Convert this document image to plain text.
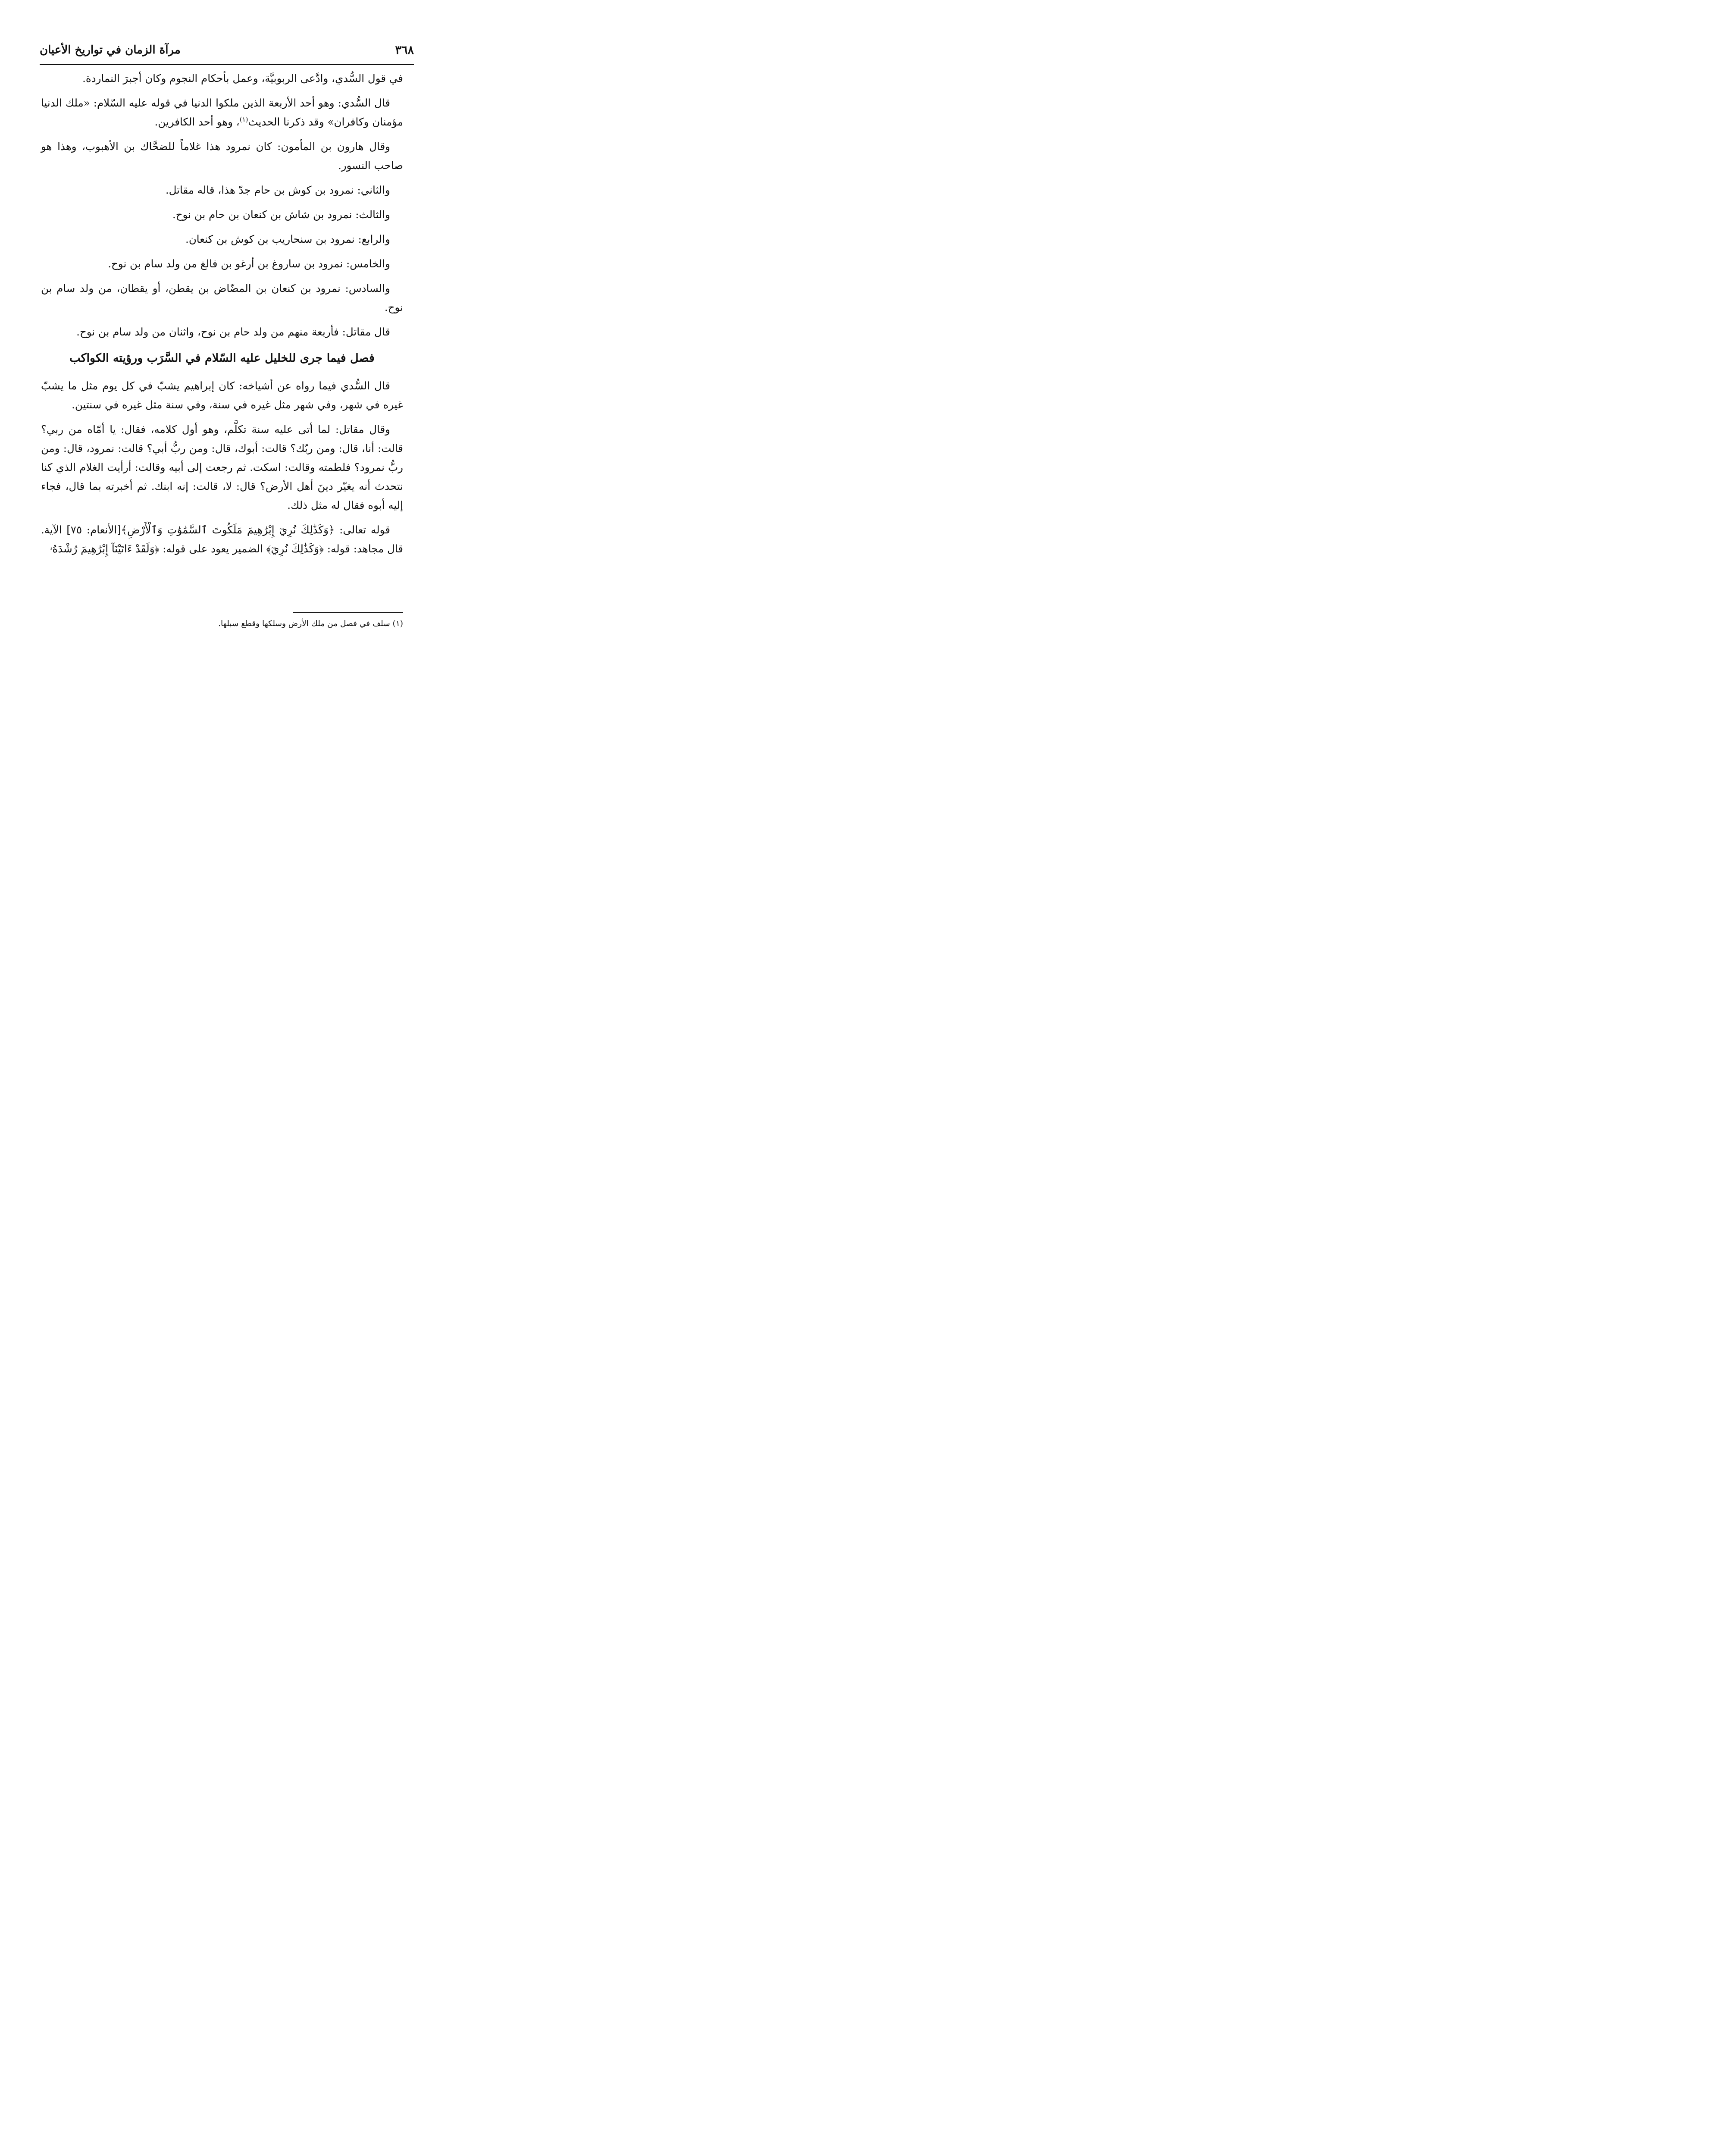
٣٦٨
مرآة الزمان في تواريخ الأعيان

في قول السُّدي، وادَّعى الربوبيَّة، وعمل بأحكام النجوم وكان أجبرَ النماردة.

قال السُّدي: وهو أحد الأربعة الذين ملكوا الدنيا في قوله عليه السّلام: «ملك الدنيا مؤمنان وكافران» وقد ذكرنا الحديث$^{(١)}$، وهو أحد الكافرين.

وقال هارون بن المأمون: كان نمرود هذا غلاماً للضحَّاك بن الأهبوب، وهذا هو صاحب النسور.

والثاني: نمرود بن كوش بن حام جدّ هذا، قاله مقاتل.

والثالث: نمرود بن شاش بن كنعان بن حام بن نوح.

والرابع: نمرود بن سنحاريب بن كوش بن كنعان.

والخامس: نمرود بن ساروغ بن أرغو بن فالغ من ولد سام بن نوح.

والسادس: نمرود بن كنعان بن المضّاض بن يقطن، أو يقطان، من ولد سام بن نوح.

قال مقاتل: فأربعة منهم من ولد حام بن نوح، واثنان من ولد سام بن نوح.

فصل فيما جرى للخليل عليه السّلام في السَّرَب ورؤيته الكواكب

قال السُّدي فيما رواه عن أشياخه: كان إبراهيم يشبّ في كل يوم مثل ما يشبّ غيره في شهر، وفي شهر مثل غيره في سنة، وفي سنة مثل غيره في سنتين.

وقال مقاتل: لما أتى عليه سنة تكلَّم، وهو أول كلامه، فقال: يا أمّاه من ربي؟ قالت: أنا، قال: ومن ربّك؟ قالت: أبوك، قال: ومن ربُّ أبي؟ قالت: نمرود، قال: ومن ربُّ نمرود؟ فلطمته وقالت: اسكت. ثم رجعت إلى أبيه وقالت: أرأيت الغلام الذي كنا نتحدث أنه يغيّر دينَ أهل الأرض؟ قال: لا، قالت: إنه ابنك. ثم أخبرته بما قال، فجاء إليه أبوه فقال له مثل ذلك.

قوله تعالى: ﴿وَكَذَٰلِكَ نُرِيٓ إِبْرَٰهِيمَ مَلَكُوتَ ٱلسَّمَٰوَٰتِ وَٱلْأَرْضِ﴾[الأنعام: ٧٥] الآية. قال مجاهد: قوله: ﴿وَكَذَٰلِكَ نُرِيٓ﴾ الضمير يعود على قوله: ﴿وَلَقَدْ ءَاتَيْنَآ إِبْرَٰهِيمَ رُشْدَهُۥ

(١) سلف في فصل من ملك الأرض وسلكها وقطع سبلها.
